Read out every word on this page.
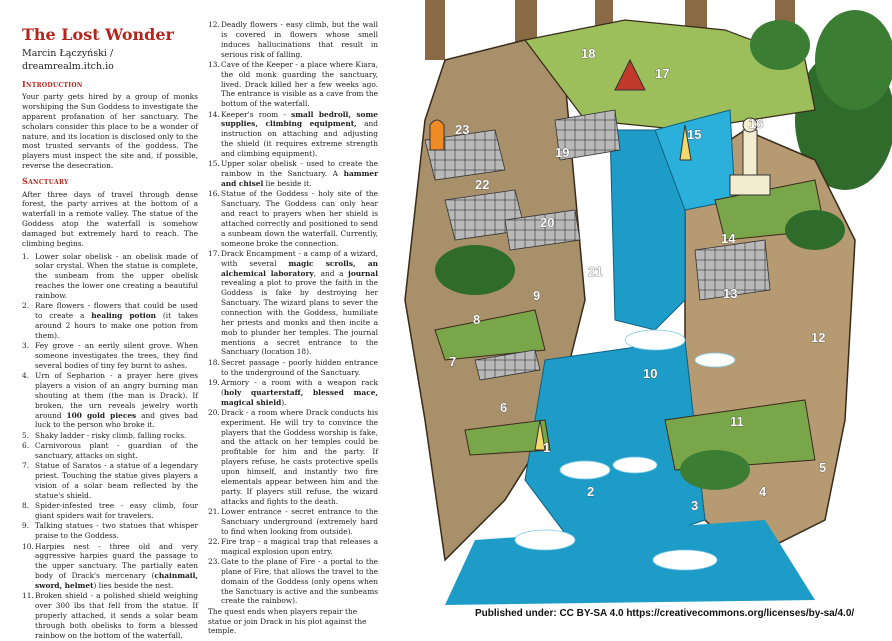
The Lost Wonder
Marcin Łączyński / dreamrealm.itch.io
Introduction

Your party gets hired by a group of monks worshiping the Sun Goddess to investigate the apparent profanation of her sanctuary. The scholars consider this place to be a wonder of nature, and its location is disclosed only to the most trusted servants of the goddess. The players must inspect the site and, if possible, reverse the desecration.

Sanctuary

After three days of travel through dense forest, the party arrives at the bottom of a waterfall in a remote valley. The statue of the Goddess atop the waterfall is somehow damaged but extremely hard to reach. The climbing begins.

1. Lower solar obelisk - an obelisk made of solar crystal. When the statue is complete, the sunbeam from the upper obelisk reaches the lower one creating a beautiful rainbow.
2. Rare flowers - flowers that could be used to create a healing potion (it takes around 2 hours to make one potion from them).
3. Fey grove - an eerily silent grove. When someone investigates the trees, they find several bodies of tiny fey burnt to ashes.
4. Urn of Sepharion - a prayer here gives players a vision of an angry burning man shouting at them (the man is Drack). If broken, the urn reveals jewelry worth around 100 gold pieces and gives bad luck to the person who broke it.
5. Shaky ladder - risky climb, falling rocks.
6. Carnivorous plant - guardian of the sanctuary, attacks on sight.
7. Statue of Saratos - a statue of a legendary priest. Touching the statue gives players a vision of a solar beam reflected by the statue's shield.
8. Spider-infested tree - easy climb, four giant spiders wait for travelers.
9. Talking statues - two statues that whisper praise to the Goddess.
10. Harpies nest - three old and very aggressive harpies guard the passage to the upper sanctuary. The partially eaten body of Drack's mercenary (chainmail, sword, helmet) lies beside the nest.
11. Broken shield - a polished shield weighing over 300 lbs that fell from the statue. If properly attached, it sends a solar beam through both obelisks to form a blessed rainbow on the bottom of the waterfall.
12. Deadly flowers - easy climb, but the wall is covered in flowers whose smell induces hallucinations that result in serious risk of falling.
13. Cave of the Keeper - a place where Kiara, the old monk guarding the sanctuary, lived. Drack killed her a few weeks ago. The entrance is visible as a cave from the bottom of the waterfall.
14. Keeper's room - small bedroll, some supplies, climbing equipment, and instruction on attaching and adjusting the shield (it requires extreme strength and climbing equipment).
15. Upper solar obelisk - used to create the rainbow in the Sanctuary. A hammer and chisel lie beside it.
16. Statue of the Goddess - holy site of the Sanctuary. The Goddess can only hear and react to prayers when her shield is attached correctly and positioned to send a sunbeam down the waterfall. Currently, someone broke the connection.
17. Drack Encampment - a camp of a wizard, with several magic scrolls, an alchemical laboratory, and a journal revealing a plot to prove the faith in the Goddess is fake by destroying her Sanctuary. The wizard plans to sever the connection with the Goddess, humiliate her priests and monks and then incite a mob to plunder her temples. The journal mentions a secret entrance to the Sanctuary (location 18).
18. Secret passage - poorly hidden entrance to the underground of the Sanctuary.
19. Armory - a room with a weapon rack (holy quarterstaff, blessed mace, magical shield).
20. Drack - a room where Drack conducts his experiment. He will try to convince the players that the Goddess worship is fake, and the attack on her temples could be profitable for him and the party. If players refuse, he casts protective spells upon himself, and instantly two fire elementals appear between him and the party. If players still refuse, the wizard attacks and fights to the death.
21. Lower entrance - secret entrance to the Sanctuary underground (extremely hard to find when looking from outside).
22. Fire trap - a magical trap that releases a magical explosion upon entry.
23. Gate to the plane of Fire - a portal to the plane of Fire, that allows the travel to the domain of the Goddess (only opens when the Sanctuary is active and the sunbeams create the rainbow).

The quest ends when players repair the statue or join Drack in his plot against the temple.

1
2
3
4
5
6
7
8
9
10
11
12
13
14
15
16
17
18
19
20
21
22
23
Published under: CC BY-SA 4.0 https://creativecommons.org/licenses/by-sa/4.0/
